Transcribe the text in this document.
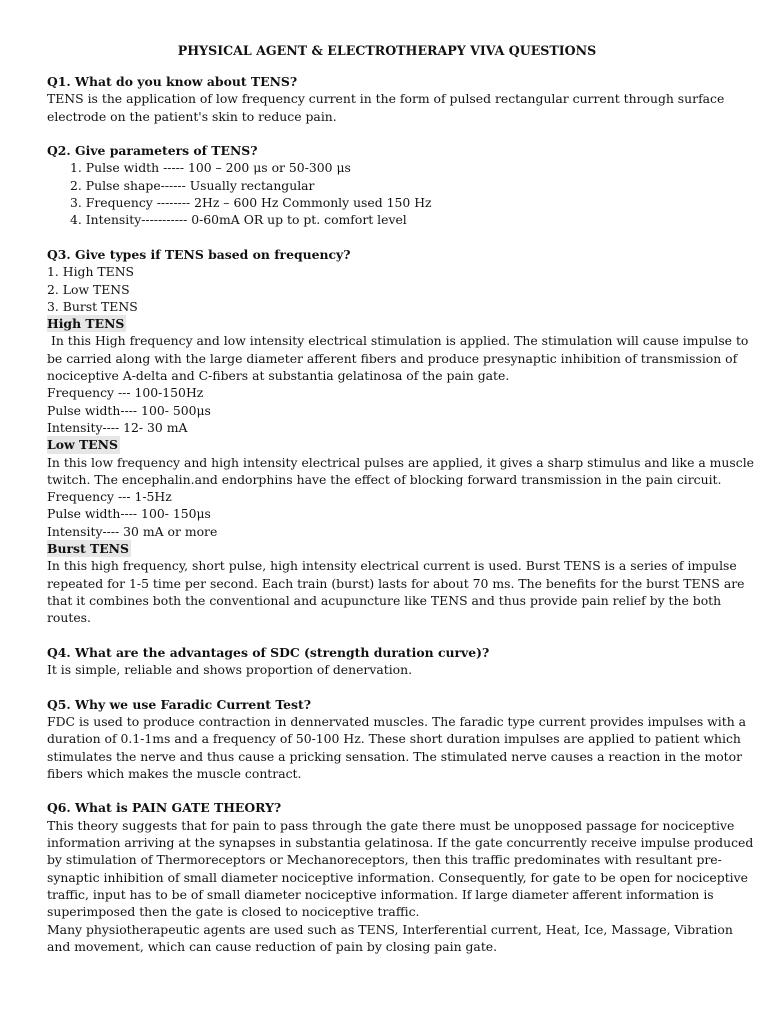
PHYSICAL AGENT & ELECTROTHERAPY VIVA QUESTIONS

Q1. What do you know about TENS?

TENS is the application of low frequency current in the form of pulsed rectangular current through surface

electrode on the patient's skin to reduce pain.

Q2. Give parameters of TENS?

1. Pulse width ----- 100 – 200 μs or 50-300 μs

2. Pulse shape------ Usually rectangular

3. Frequency -------- 2Hz – 600 Hz Commonly used 150 Hz

4. Intensity----------- 0-60mA OR up to pt. comfort level

Q3. Give types if TENS based on frequency?

1. High TENS

2. Low TENS

3. Burst TENS

High TENS

In this High frequency and low intensity electrical stimulation is applied. The stimulation will cause impulse to

be carried along with the large diameter afferent fibers and produce presynaptic inhibition of transmission of

nociceptive A-delta and C-fibers at substantia gelatinosa of the pain gate.

Frequency --- 100-150Hz

Pulse width---- 100- 500μs

Intensity---- 12- 30 mA

Low TENS

In this low frequency and high intensity electrical pulses are applied, it gives a sharp stimulus and like a muscle

twitch. The encephalin.and endorphins have the effect of blocking forward transmission in the pain circuit.

Frequency --- 1-5Hz

Pulse width---- 100- 150μs

Intensity---- 30 mA or more

Burst TENS

In this high frequency, short pulse, high intensity electrical current is used. Burst TENS is a series of impulse

repeated for 1-5 time per second. Each train (burst) lasts for about 70 ms. The benefits for the burst TENS are

that it combines both the conventional and acupuncture like TENS and thus provide pain relief by the both

routes.

Q4. What are the advantages of SDC (strength duration curve)?

It is simple, reliable and shows proportion of denervation.

Q5. Why we use Faradic Current Test?

FDC is used to produce contraction in dennervated muscles. The faradic type current provides impulses with a

duration of 0.1-1ms and a frequency of 50-100 Hz. These short duration impulses are applied to patient which

stimulates the nerve and thus cause a pricking sensation. The stimulated nerve causes a reaction in the motor

fibers which makes the muscle contract.

Q6. What is PAIN GATE THEORY?

This theory suggests that for pain to pass through the gate there must be unopposed passage for nociceptive

information arriving at the synapses in substantia gelatinosa. If the gate concurrently receive impulse produced

by stimulation of Thermoreceptors or Mechanoreceptors, then this traffic predominates with resultant pre-

synaptic inhibition of small diameter nociceptive information. Consequently, for gate to be open for nociceptive

traffic, input has to be of small diameter nociceptive information. If large diameter afferent information is

superimposed then the gate is closed to nociceptive traffic.

Many physiotherapeutic agents are used such as TENS, Interferential current, Heat, Ice, Massage, Vibration

and movement, which can cause reduction of pain by closing pain gate.
